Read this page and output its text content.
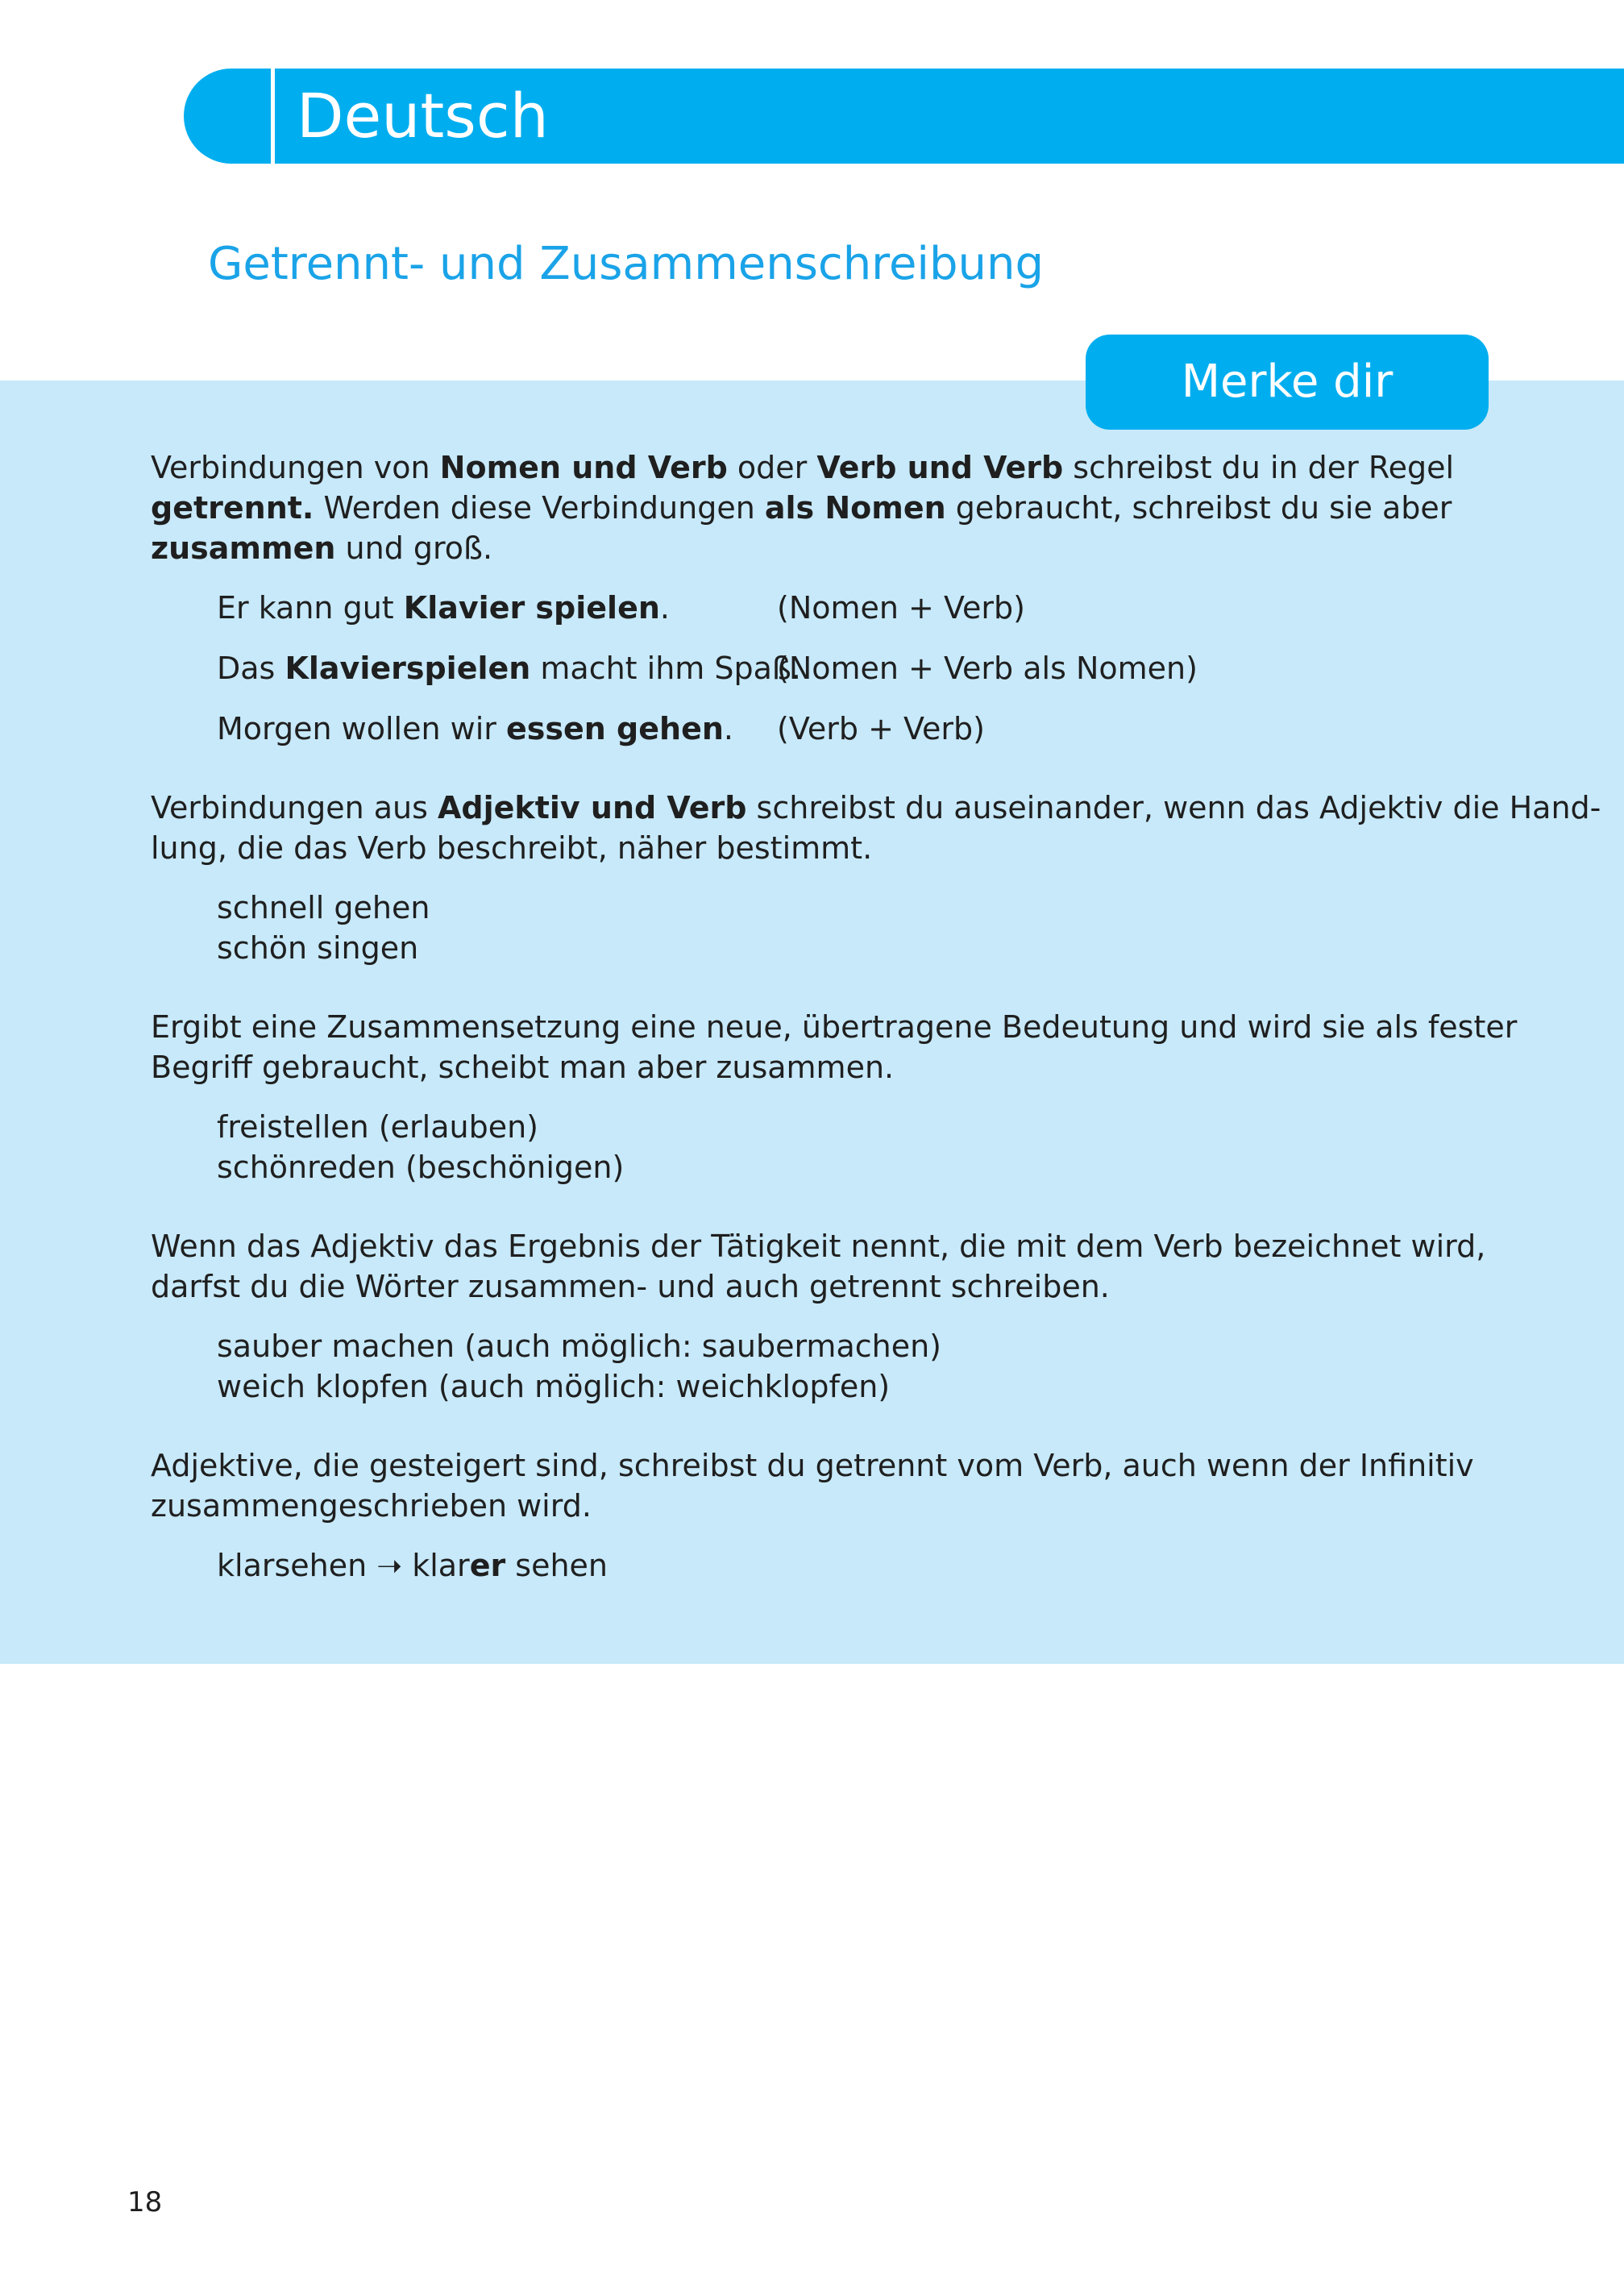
Deutsch
Getrennt- und Zusammenschreibung
Merke dir

Verbindungen von Nomen und Verb oder Verb und Verb schreibst du in der Regel
getrennt. Werden diese Verbindungen als Nomen gebraucht, schreibst du sie aber
zusammen und groß.

Er kann gut Klavier spielen.	(Nomen + Verb)
Das Klavierspielen macht ihm Spaß.
(Nomen + Verb als Nomen)
Morgen wollen wir essen gehen.	(Verb + Verb)

Verbindungen aus Adjektiv und Verb schreibst du auseinander, wenn das Adjektiv die Hand-
lung, die das Verb beschreibt, näher bestimmt.

schnell gehen
schön singen

Ergibt eine Zusammensetzung eine neue, übertragene Bedeutung und wird sie als fester
Begriff gebraucht, scheibt man aber zusammen.

freistellen (erlauben)
schönreden (beschönigen)

Wenn das Adjektiv das Ergebnis der Tätigkeit nennt, die mit dem Verb bezeichnet wird,
darfst du die Wörter zusammen- und auch getrennt schreiben.

sauber machen (auch möglich: saubermachen)
weich klopfen (auch möglich: weichklopfen)

Adjektive, die gesteigert sind, schreibst du getrennt vom Verb, auch wenn der Infinitiv
zusammengeschrieben wird.

klarsehen ➝ klarer sehen
18
